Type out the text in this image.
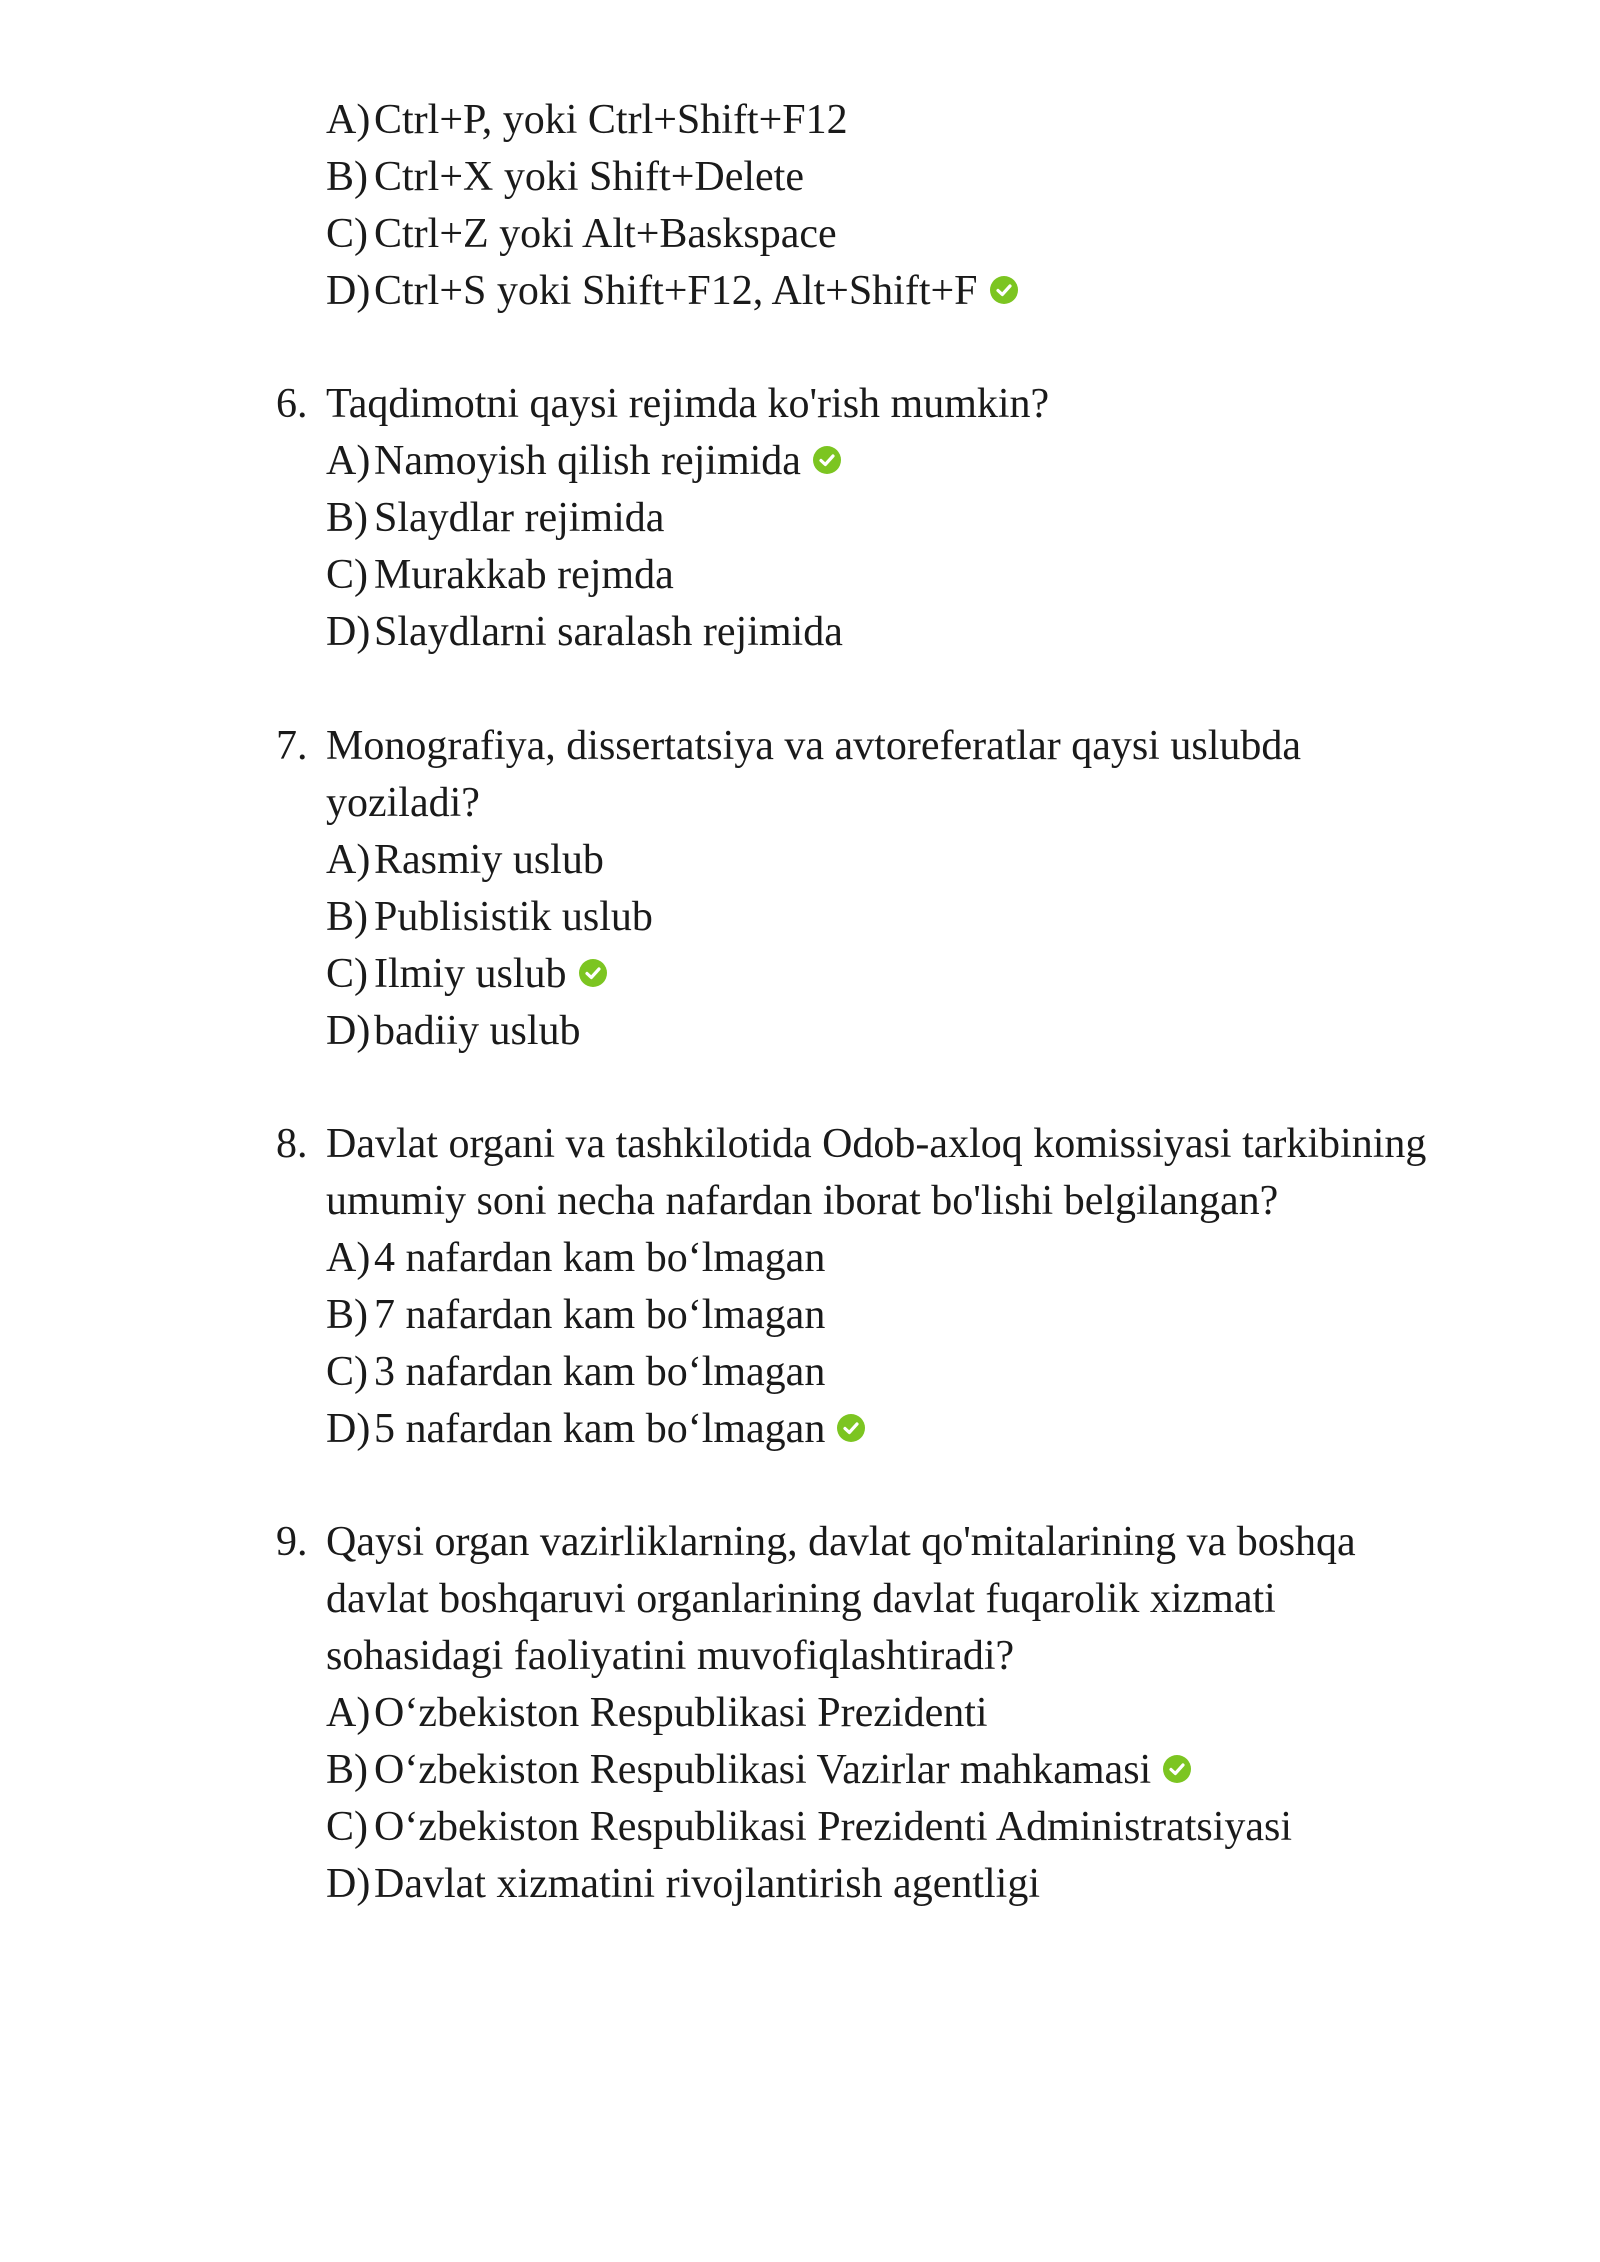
A)Ctrl+P, yoki Ctrl+Shift+F12
B) Ctrl+X yoki Shift+Delete
C) Ctrl+Z yoki Alt+Baskspace
D)Ctrl+S yoki Shift+F12, Alt+Shift+F
6. Taqdimotni qaysi rejimda ko'rish mumkin?
A)Namoyish qilish rejimida
B) Slaydlar rejimida
C) Murakkab rejmda
D)Slaydlarni saralash rejimida
7. Monografiya, dissertatsiya va avtoreferatlar qaysi uslubda
yoziladi?
A)Rasmiy uslub
B) Publisistik uslub
C) Ilmiy uslub
D)badiiy uslub
8. Davlat organi va tashkilotida Odob-axloq komissiyasi tarkibining
umumiy soni necha nafardan iborat bo'lishi belgilangan?
A)4 nafardan kam bo‘lmagan
B) 7 nafardan kam bo‘lmagan
C) 3 nafardan kam bo‘lmagan
D)5 nafardan kam bo‘lmagan
9. Qaysi organ vazirliklarning, davlat qo'mitalarining va boshqa
davlat boshqaruvi organlarining davlat fuqarolik xizmati
sohasidagi faoliyatini muvofiqlashtiradi?
A)O‘zbekiston Respublikasi Prezidenti
B) O‘zbekiston Respublikasi Vazirlar mahkamasi
C) O‘zbekiston Respublikasi Prezidenti Administratsiyasi
D)Davlat xizmatini rivojlantirish agentligi
